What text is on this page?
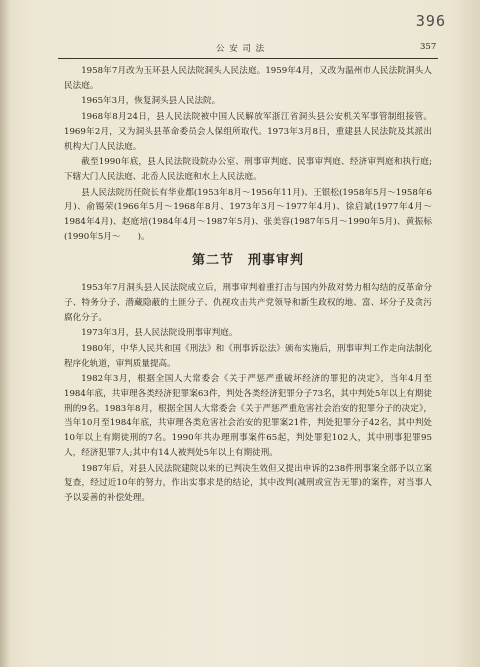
396
公 安 司 法	357

1958年7月改为玉环县人民法院洞头人民法庭。1959年4月，又改为温州市人民法院洞头人民法庭。

1965年3月，恢复洞头县人民法院。

1968年8月24日，县人民法院被中国人民解放军浙江省洞头县公安机关军事管制组接管。1969年2月，又为洞头县革命委员会人保组所取代。1973年3月8日，重建县人民法院及其派出机构大门人民法庭。

截至1990年底，县人民法院设院办公室、刑事审判庭、民事审判庭、经济审判庭和执行庭;下辖大门人民法庭、北岙人民法庭和水上人民法庭。

县人民法院历任院长有华业都(1953年8月～1956年11月)、王银松(1958年5月～1958年6月)、俞锡荣(1966年5月～1968年8月、1973年3月～1977年4月)、徐启斌(1977年4月～1984年4月)、赵庭培(1984年4月～1987年5月)、张美容(1987年5月～1990年5月)、黄振标(1990年5月～　　)。

第二节　刑事审判

1953年7月洞头县人民法院成立后，刑事审判着重打击与国内外敌对势力相勾结的反革命分子、特务分子、潜藏隐蔽的土匪分子、仇视攻击共产党领导和新生政权的地、富、坏分子及贪污腐化分子。

1973年3月，县人民法院设刑事审判庭。

1980年，中华人民共和国《刑法》和《刑事诉讼法》颁布实施后，刑事审判工作走向法制化程序化轨道，审判质量提高。

1982年3月，根据全国人大常委会《关于严惩严重破坏经济的罪犯的决定》，当年4月至1984年底，共审理各类经济犯罪案63件，判处各类经济犯罪分子73名，其中判处5年以上有期徒刑的9名。1983年8月，根据全国人大常委会《关于严惩严重危害社会治安的犯罪分子的决定》，当年10月至1984年底，共审理各类危害社会治安的犯罪案21件，判处犯罪分子42名，其中判处10年以上有期徒刑的7名。1990年共办理刑事案件65起，判处罪犯102人，其中刑事犯罪95人，经济犯罪7人;其中有14人被判处5年以上有期徒刑。

1987年后，对县人民法院建院以来的已判决生效但又提出申诉的238件刑事案全部予以立案复查，经过近10年的努力，作出实事求是的结论，其中改判(减刑或宣告无罪)的案件，对当事人予以妥善的补偿处理。
